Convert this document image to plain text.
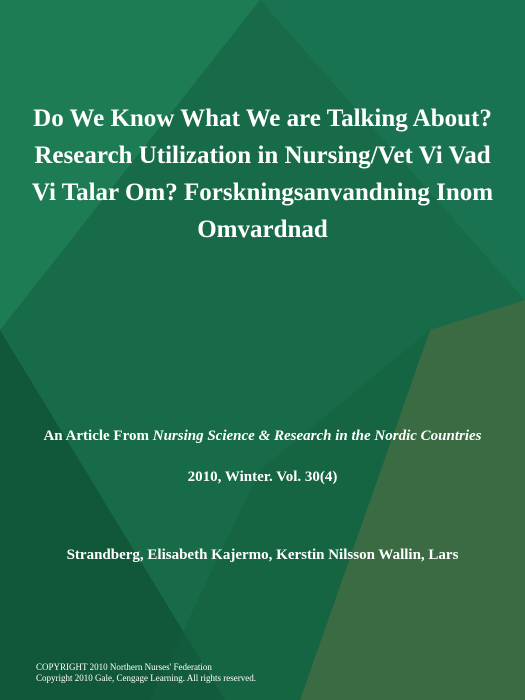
Do We Know What We are Talking About? Research Utilization in Nursing/Vet Vi Vad Vi Talar Om? Forskningsanvandning Inom Omvardnad
An Article From Nursing Science & Research in the Nordic Countries
2010, Winter. Vol. 30(4)
Strandberg, Elisabeth Kajermo, Kerstin Nilsson Wallin, Lars
COPYRIGHT 2010 Northern Nurses' Federation
Copyright 2010 Gale, Cengage Learning. All rights reserved.
